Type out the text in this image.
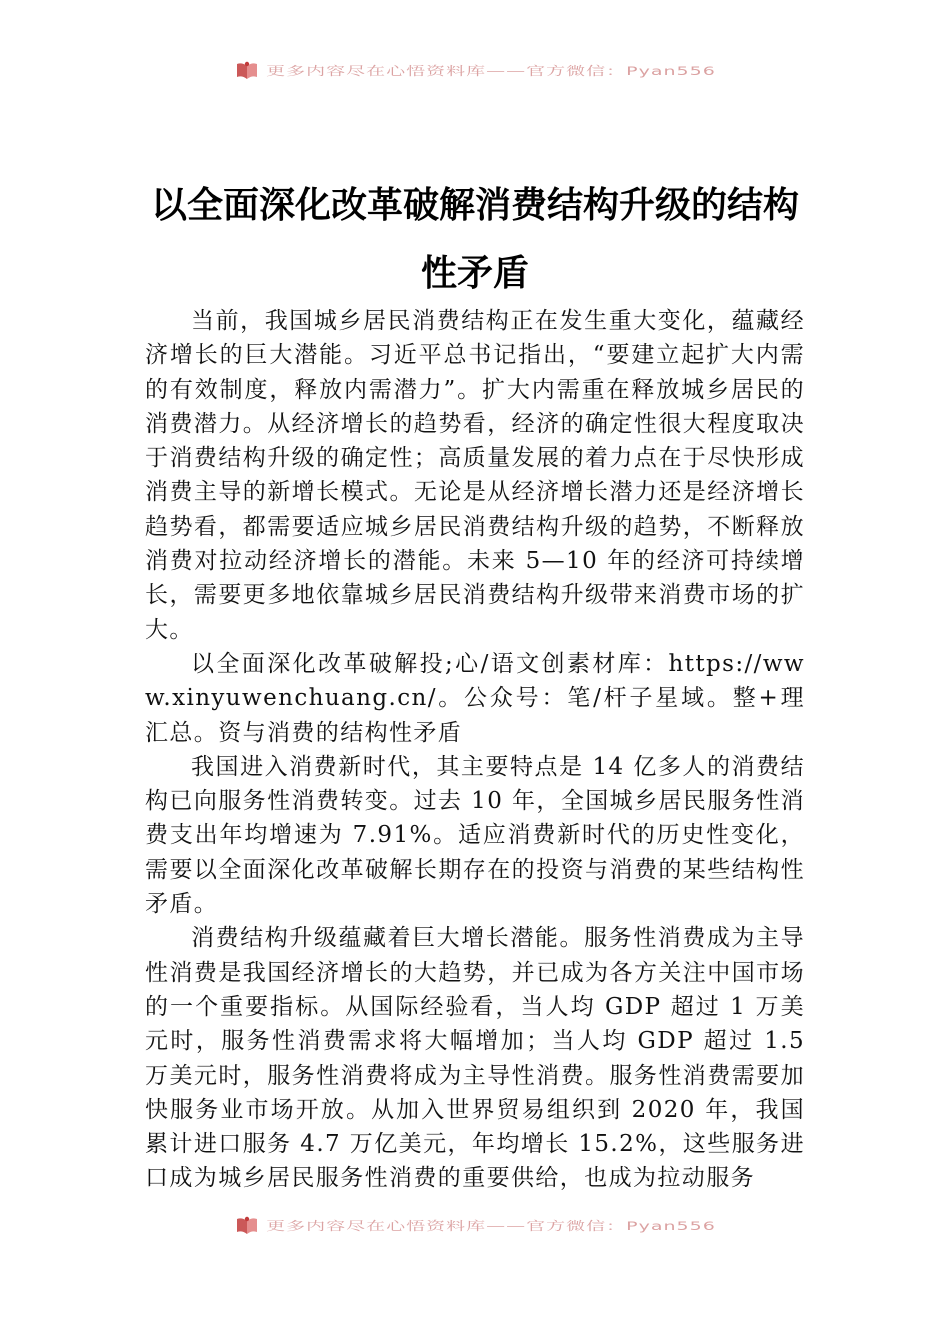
更多内容尽在心悟资料库——官方微信：Pyan556
以全面深化改革破解消费结构升级的结构性矛盾

当前，我国城乡居民消费结构正在发生重大变化，蕴藏经济增长的巨大潜能。习近平总书记指出，“要建立起扩大内需的有效制度，释放内需潜力”。扩大内需重在释放城乡居民的消费潜力。从经济增长的趋势看，经济的确定性很大程度取决于消费结构升级的确定性；高质量发展的着力点在于尽快形成消费主导的新增长模式。无论是从经济增长潜力还是经济增长趋势看，都需要适应城乡居民消费结构升级的趋势，不断释放消费对拉动经济增长的潜能。未来 5—10 年的经济可持续增长，需要更多地依靠城乡居民消费结构升级带来消费市场的扩大。

以全面深化改革破解投;心/语文创素材库：https://www.xinyuwenchuang.cn/。公众号：笔/杆子星域。整+理汇总。资与消费的结构性矛盾

我国进入消费新时代，其主要特点是 14 亿多人的消费结构已向服务性消费转变。过去 10 年，全国城乡居民服务性消费支出年均增速为 7.91%。适应消费新时代的历史性变化，需要以全面深化改革破解长期存在的投资与消费的某些结构性矛盾。

消费结构升级蕴藏着巨大增长潜能。服务性消费成为主导性消费是我国经济增长的大趋势，并已成为各方关注中国市场的一个重要指标。从国际经验看，当人均 GDP 超过 1 万美元时，服务性消费需求将大幅增加；当人均 GDP 超过 1.5 万美元时，服务性消费将成为主导性消费。服务性消费需要加快服务业市场开放。从加入世界贸易组织到 2020 年，我国累计进口服务 4.7 万亿美元，年均增长 15.2%，这些服务进口成为城乡居民服务性消费的重要供给，也成为拉动服务

更多内容尽在心悟资料库——官方微信：Pyan556
